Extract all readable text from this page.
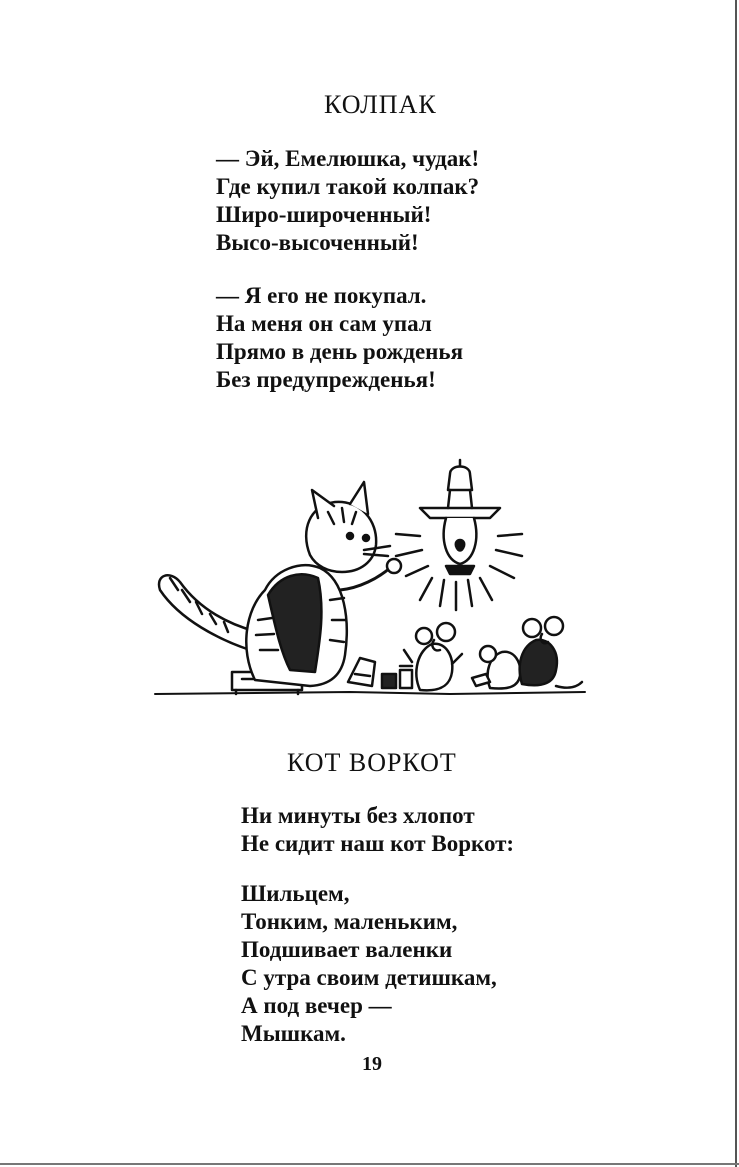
КОЛПАК
— Эй, Емелюшка, чудак!
Где купил такой колпак?
Широ-широченный!
Высо-высоченный!
— Я его не покупал.
На меня он сам упал
Прямо в день рожденья
Без предупрежденья!
КОТ ВОРКОТ
Ни минуты без хлопот
Не сидит наш кот Воркот:
Шильцем,
Тонким, маленьким,
Подшивает валенки
С утра своим детишкам,
А под вечер —
Мышкам.
19
